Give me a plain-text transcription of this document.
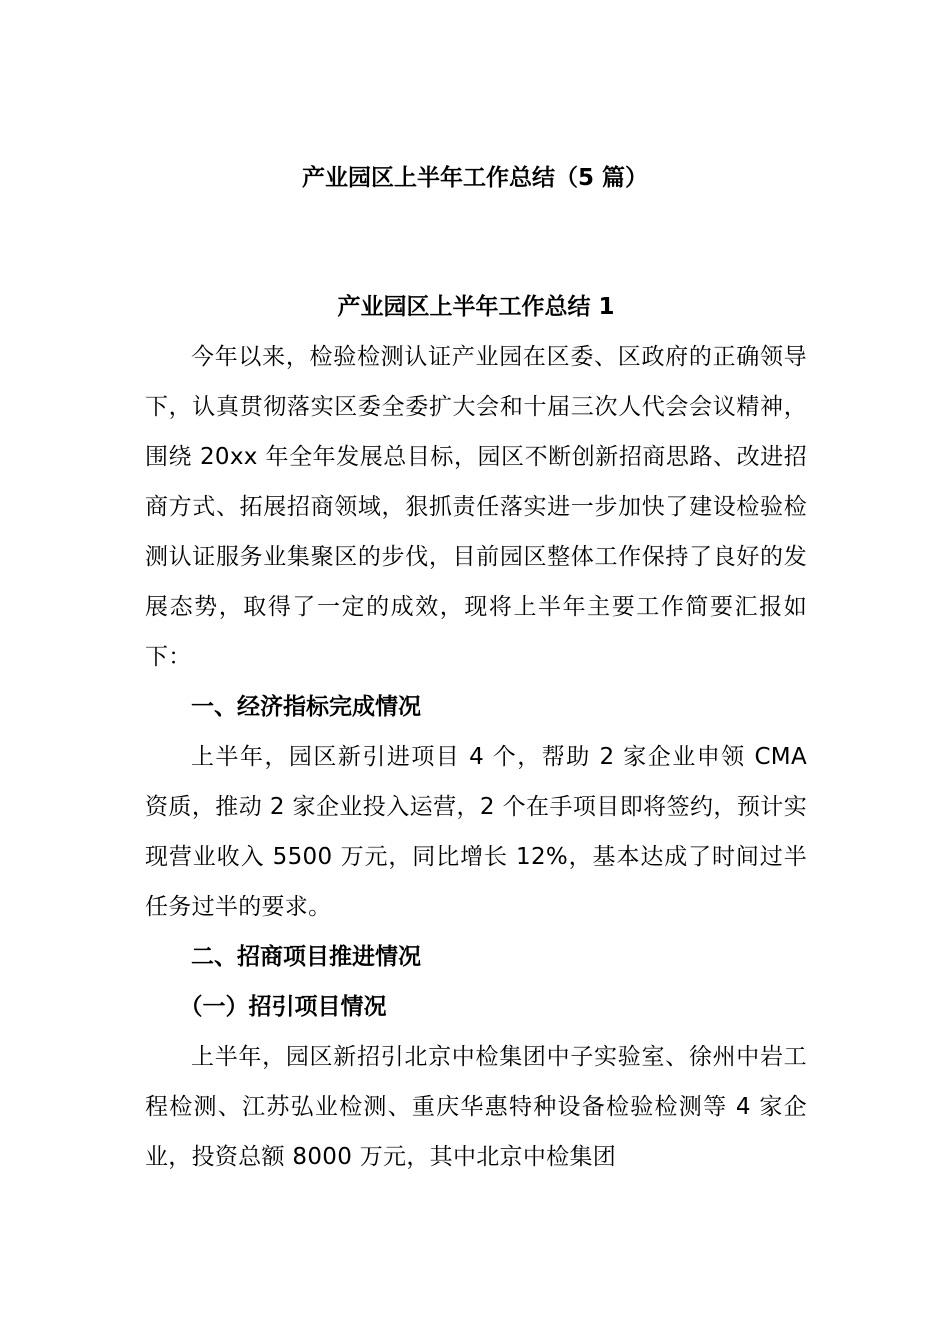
产业园区上半年工作总结（5 篇）
产业园区上半年工作总结 1

今年以来，检验检测认证产业园在区委、区政府的正确领导下，认真贯彻落实区委全委扩大会和十届三次人代会会议精神，围绕 20xx 年全年发展总目标，园区不断创新招商思路、改进招商方式、拓展招商领域，狠抓责任落实进一步加快了建设检验检测认证服务业集聚区的步伐，目前园区整体工作保持了良好的发展态势，取得了一定的成效，现将上半年主要工作简要汇报如下：

一、经济指标完成情况

上半年，园区新引进项目 4 个，帮助 2 家企业申领 CMA 资质，推动 2 家企业投入运营，2 个在手项目即将签约，预计实现营业收入 5500 万元，同比增长 12%，基本达成了时间过半任务过半的要求。

二、招商项目推进情况

（一）招引项目情况

上半年，园区新招引北京中检集团中子实验室、徐州中岩工程检测、江苏弘业检测、重庆华惠特种设备检验检测等 4 家企业，投资总额 8000 万元，其中北京中检集团
